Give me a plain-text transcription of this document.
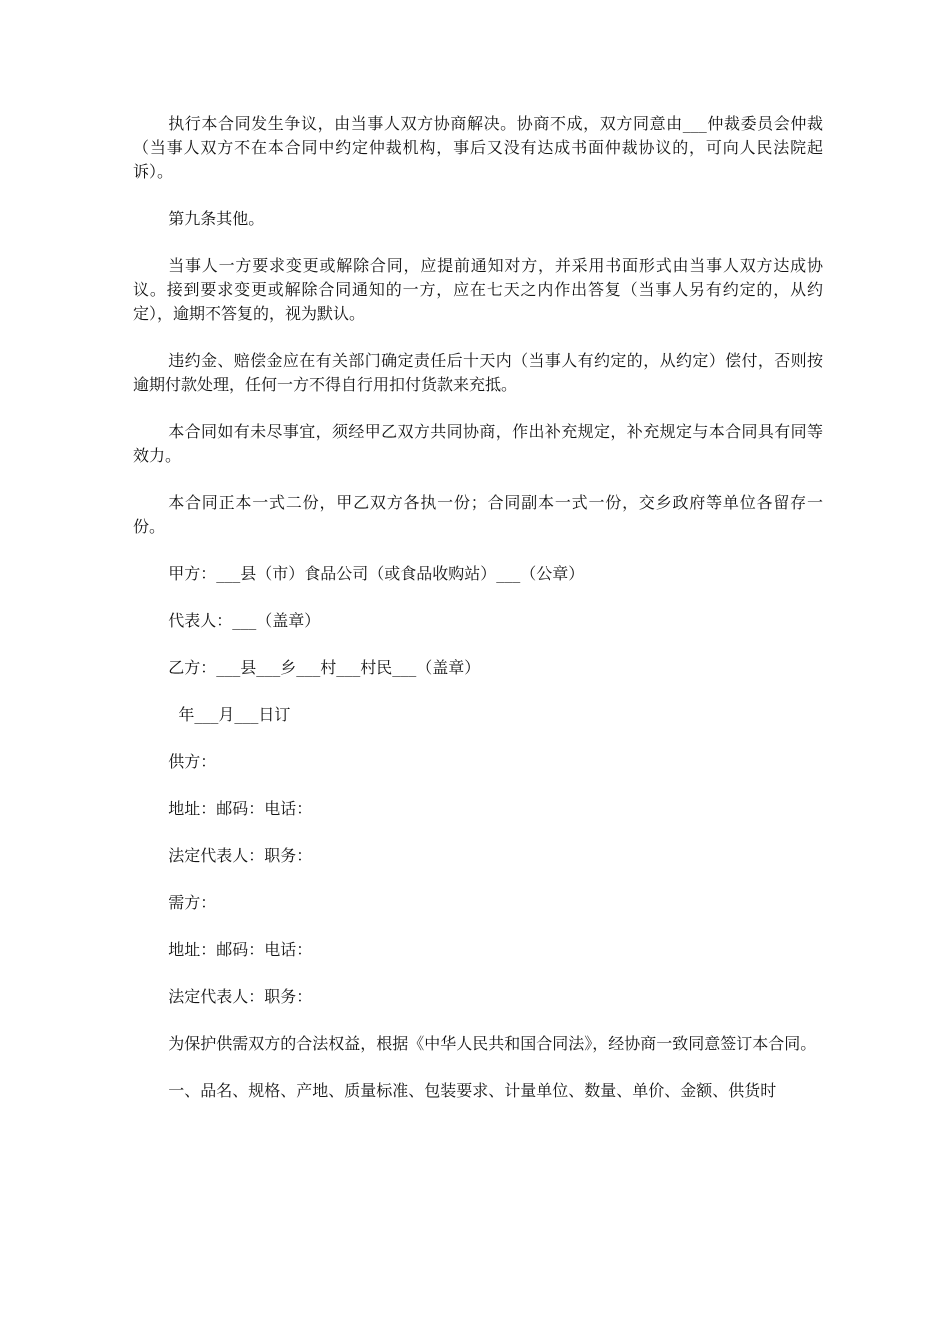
执行本合同发生争议，由当事人双方协商解决。协商不成，双方同意由___仲裁委员会仲裁（当事人双方不在本合同中约定仲裁机构，事后又没有达成书面仲裁协议的，可向人民法院起诉）。

第九条其他。

当事人一方要求变更或解除合同，应提前通知对方，并采用书面形式由当事人双方达成协议。接到要求变更或解除合同通知的一方，应在七天之内作出答复（当事人另有约定的，从约定），逾期不答复的，视为默认。

违约金、赔偿金应在有关部门确定责任后十天内（当事人有约定的，从约定）偿付，否则按逾期付款处理，任何一方不得自行用扣付货款来充抵。

本合同如有未尽事宜，须经甲乙双方共同协商，作出补充规定，补充规定与本合同具有同等效力。

本合同正本一式二份，甲乙双方各执一份；合同副本一式一份，交乡政府等单位各留存一份。

甲方：___县（市）食品公司（或食品收购站）___（公章）

代表人：___（盖章）

乙方：___县___乡___村___村民___（盖章）

年___月___日订

供方：

地址：邮码：电话：

法定代表人：职务：

需方：

地址：邮码：电话：

法定代表人：职务：

为保护供需双方的合法权益，根据《中华人民共和国合同法》，经协商一致同意签订本合同。

一、品名、规格、产地、质量标准、包装要求、计量单位、数量、单价、金额、供货时
